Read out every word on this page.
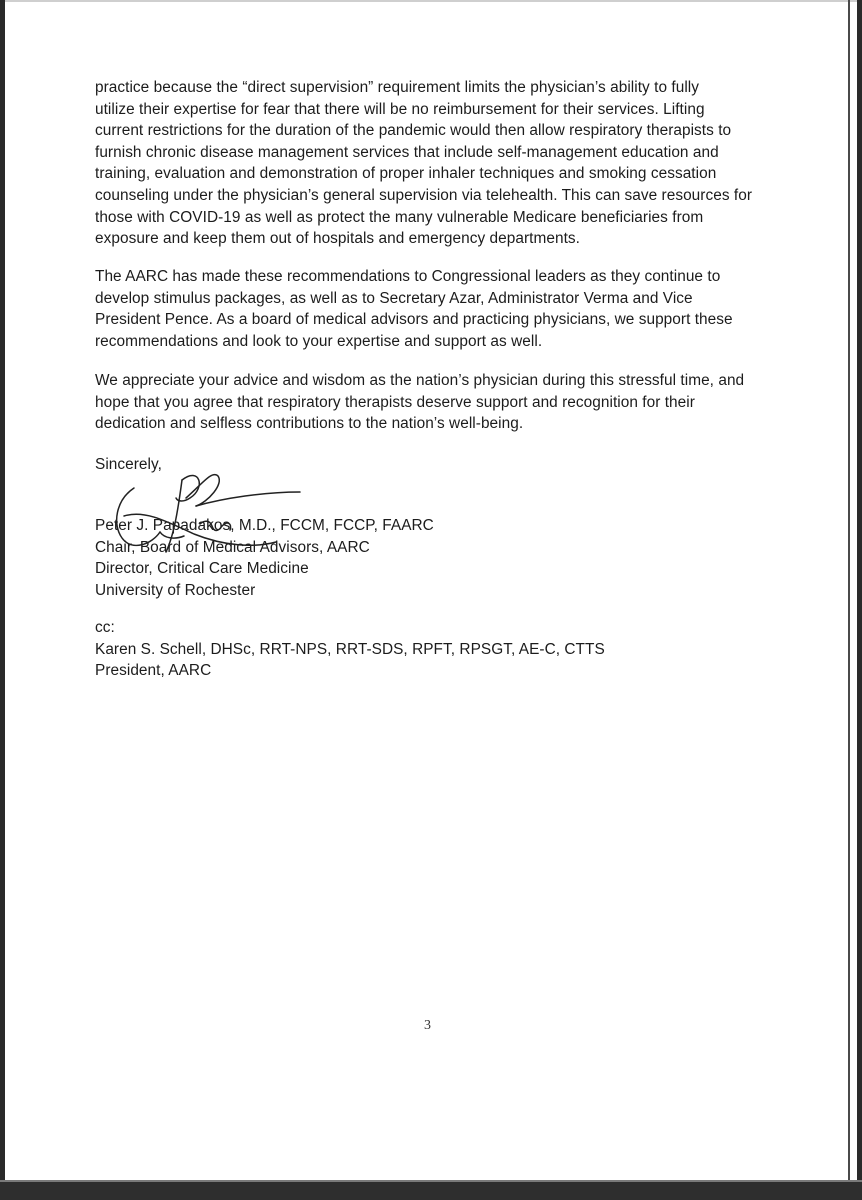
practice because the “direct supervision” requirement limits the physician’s ability to fully
utilize their expertise for fear that there will be no reimbursement for their services. Lifting
current restrictions for the duration of the pandemic would then allow respiratory therapists to
furnish chronic disease management services that include self-management education and
training, evaluation and demonstration of proper inhaler techniques and smoking cessation
counseling under the physician’s general supervision via telehealth. This can save resources for
those with COVID-19 as well as protect the many vulnerable Medicare beneficiaries from
exposure and keep them out of hospitals and emergency departments.
The AARC has made these recommendations to Congressional leaders as they continue to
develop stimulus packages, as well as to Secretary Azar, Administrator Verma and Vice
President Pence. As a board of medical advisors and practicing physicians, we support these
recommendations and look to your expertise and support as well.
We appreciate your advice and wisdom as the nation’s physician during this stressful time, and
hope that you agree that respiratory therapists deserve support and recognition for their
dedication and selfless contributions to the nation’s well-being.
Sincerely,
Peter J. Papadakos, M.D., FCCM, FCCP, FAARC
Chair, Board of Medical Advisors, AARC
Director, Critical Care Medicine
University of Rochester
cc:
Karen S. Schell, DHSc, RRT-NPS, RRT-SDS, RPFT, RPSGT, AE-C, CTTS
President, AARC
3
